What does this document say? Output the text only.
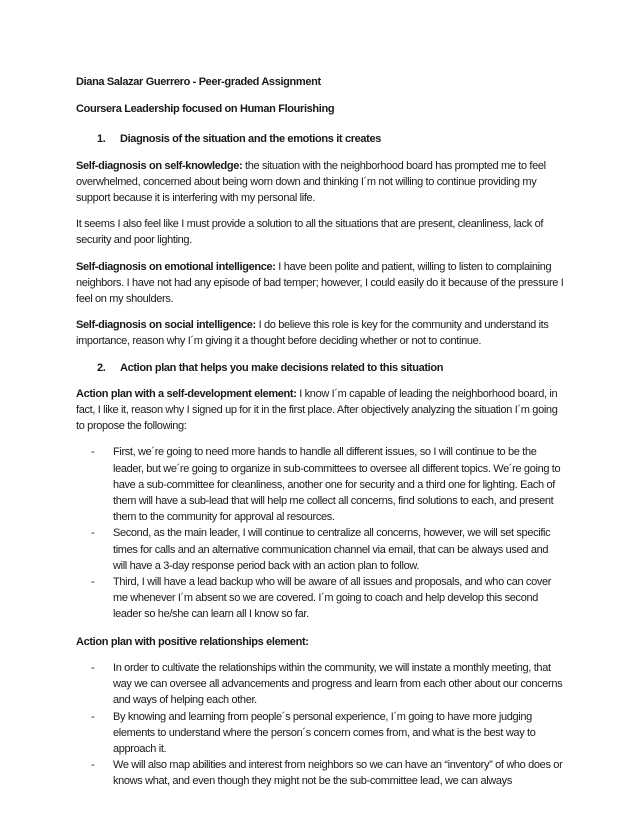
Diana Salazar Guerrero - Peer-graded Assignment

Coursera Leadership focused on Human Flourishing

1.	Diagnosis of the situation and the emotions it creates

Self-diagnosis on self-knowledge: the situation with the neighborhood board has prompted me to feel overwhelmed, concerned about being worn down and thinking I´m not willing to continue providing my support because it is interfering with my personal life.

It seems I also feel like I must provide a solution to all the situations that are present, cleanliness, lack of security and poor lighting.

Self-diagnosis on emotional intelligence: I have been polite and patient, willing to listen to complaining neighbors. I have not had any episode of bad temper; however, I could easily do it because of the pressure I feel on my shoulders.

Self-diagnosis on social intelligence: I do believe this role is key for the community and understand its importance, reason why I´m giving it a thought before deciding whether or not to continue.

2.	Action plan that helps you make decisions related to this situation

Action plan with a self-development element: I know I´m capable of leading the neighborhood board, in fact, I like it, reason why I signed up for it in the first place. After objectively analyzing the situation I´m going to propose the following:

-	First, we´re going to need more hands to handle all different issues, so I will continue to be the leader, but we´re going to organize in sub-committees to oversee all different topics. We´re going to have a sub-committee for cleanliness, another one for security and a third one for lighting. Each of them will have a sub-lead that will help me collect all concerns, find solutions to each, and present them to the community for approval al resources.
-	Second, as the main leader, I will continue to centralize all concerns, however, we will set specific times for calls and an alternative communication channel via email, that can be always used and will have a 3-day response period back with an action plan to follow.
-	Third, I will have a lead backup who will be aware of all issues and proposals, and who can cover me whenever I´m absent so we are covered. I´m going to coach and help develop this second leader so he/she can learn all I know so far.

Action plan with positive relationships element:

-	In order to cultivate the relationships within the community, we will instate a monthly meeting, that way we can oversee all advancements and progress and learn from each other about our concerns and ways of helping each other.
-	By knowing and learning from people´s personal experience, I´m going to have more judging elements to understand where the person´s concern comes from, and what is the best way to approach it.
-	We will also map abilities and interest from neighbors so we can have an “inventory” of who does or knows what, and even though they might not be the sub-committee lead, we can always
